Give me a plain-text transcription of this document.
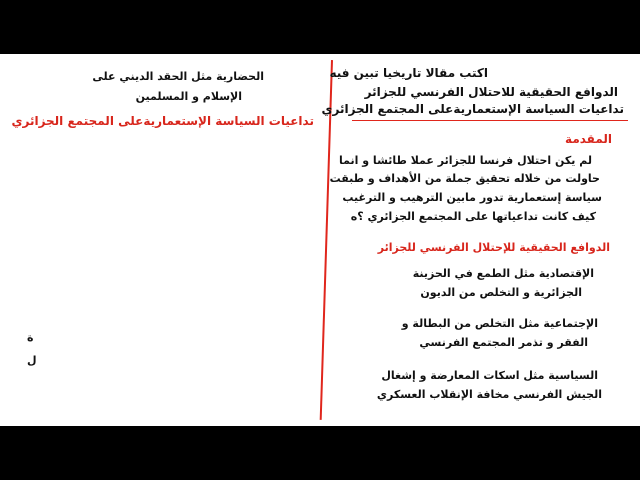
اكتب مقالا تاريخيا تبين فيه
الدوافع الحقيقية للاحتلال الفرنسي للجزائر
تداعيات السياسة الإستعماريةعلى المجتمع الجزائري
المقدمة
لم يكن احتلال فرنسا للجزائر عملا طائشا و انما
حاولت من خلاله تحقيق جملة من الأهداف و طبقت
سياسة إستعمارية تدور مابين الترهيب و الترغيب
كيف كانت تداعياتها على المجتمع الجزائري ؟ه
الدوافع الحقيقية للإحتلال الفرنسي للجزائر
الإقتصادية مثل الطمع في الحزينة
الجزائرية و التخلص من الديون
الإجتماعية مثل التخلص من البطالة و
الفقر و تذمر المجتمع الفرنسي
السياسية مثل اسكات المعارضة و إشغال
الجيش الفرنسي مخافة الإنقلاب العسكري
الحضارية مثل الحقد الديني على
الإسلام و المسلمين
تداعيات السياسة الإستعماريةعلى المجتمع الجزائري
ة
ل
